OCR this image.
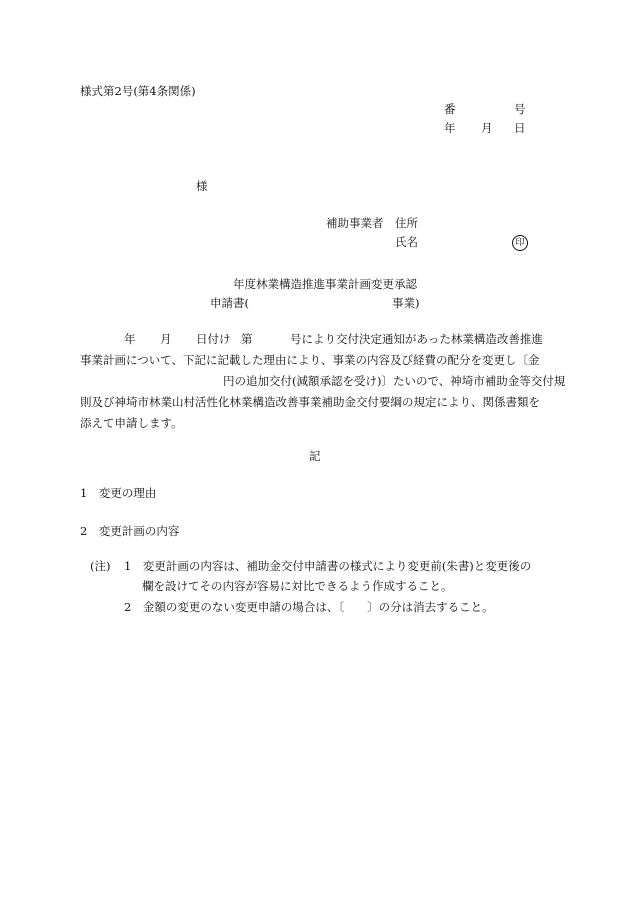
様式第2号(第4条関係)
番	号
年 月 日
様
補助事業者 住所
氏名	印
年度林業構造推進事業計画変更承認
申請書(	事業)
年 月 日付け 第	号により交付決定通知があった林業構造改善推進
事業計画について、下記に記載した理由により、事業の内容及び経費の配分を変更し〔金
円の追加交付(減額承認を受け)〕たいので、神埼市補助金等交付規
則及び神埼市林業山村活性化林業構造改善事業補助金交付要綱の規定により、関係書類を
添えて申請します。
記
1　変更の理由
2　変更計画の内容
(注) 1　変更計画の内容は、補助金交付申請書の様式により変更前(朱書)と変更後の
欄を設けてその内容が容易に対比できるよう作成すること。
2　金額の変更のない変更申請の場合は、〔　　〕の分は消去すること。
